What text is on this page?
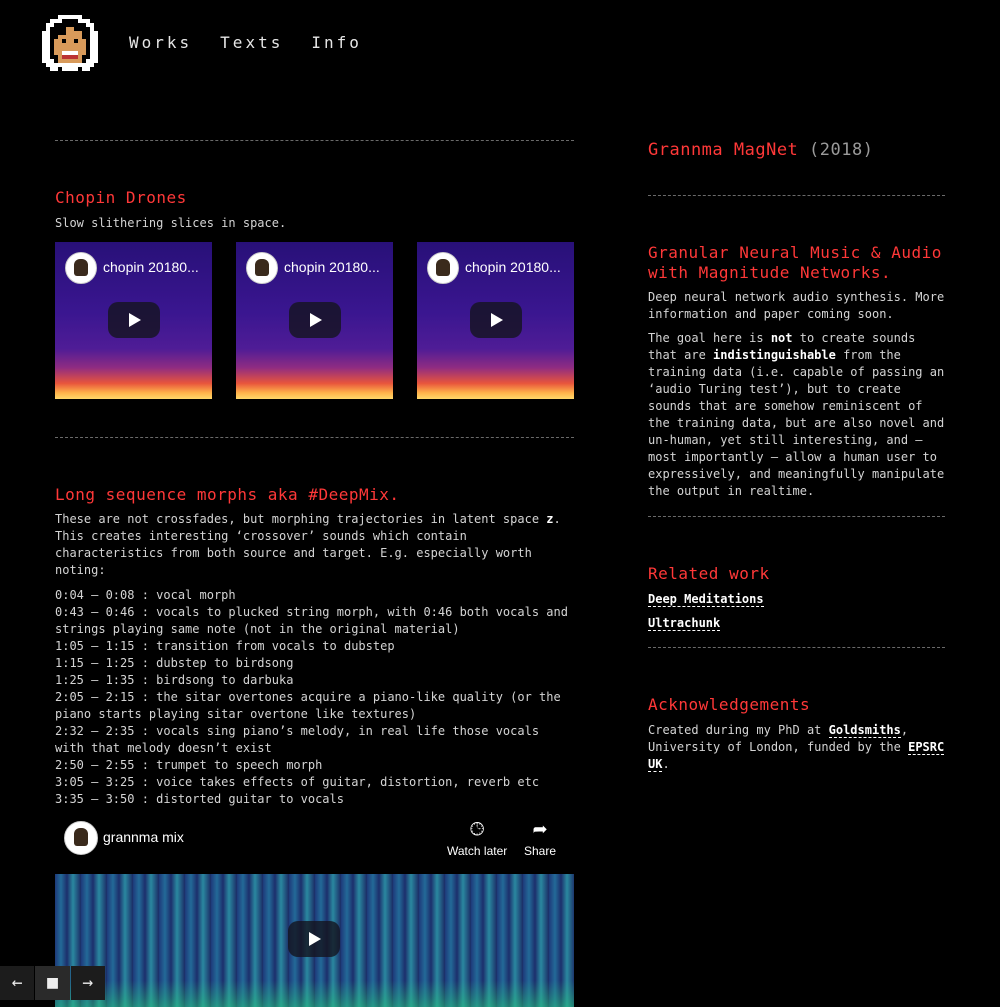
Works Texts Info
Chopin Drones

Slow slithering slices in space.

chopin 20180...	chopin 20180...	chopin 20180...
Long sequence morphs aka #DeepMix.

These are not crossfades, but morphing trajectories in latent space z. This creates interesting ‘crossover’ sounds which contain characteristics from both source and target. E.g. especially worth noting:

0:04 – 0:08 : vocal morph
0:43 – 0:46 : vocals to plucked string morph, with 0:46 both vocals and strings playing same note (not in the original material)
1:05 – 1:15 : transition from vocals to dubstep
1:15 – 1:25 : dubstep to birdsong
1:25 – 1:35 : birdsong to darbuka
2:05 – 2:15 : the sitar overtones acquire a piano-like quality (or the piano starts playing sitar overtone like textures)
2:32 – 2:35 : vocals sing piano’s melody, in real life those vocals with that melody doesn’t exist
2:50 – 2:55 : trumpet to speech morph
3:05 – 3:25 : voice takes effects of guitar, distortion, reverb etc
3:35 – 3:50 : distorted guitar to vocals
grannma mix	🕒︎
Watch later
➦
Share
Grannma MagNet (2018)
Granular Neural Music & Audio with Magnitude Networks.

Deep neural network audio synthesis. More information and paper coming soon.

The goal here is not to create sounds that are indistinguishable from the training data (i.e. capable of passing an ‘audio Turing test’), but to create sounds that are somehow reminiscent of the training data, but are also novel and un-human, yet still interesting, and – most importantly – allow a human user to expressively, and meaningfully manipulate the output in realtime.

Related work
Deep Meditations
Ultrachunk
Acknowledgements

Created during my PhD at Goldsmiths, University of London, funded by the EPSRC UK.

←	■	→
